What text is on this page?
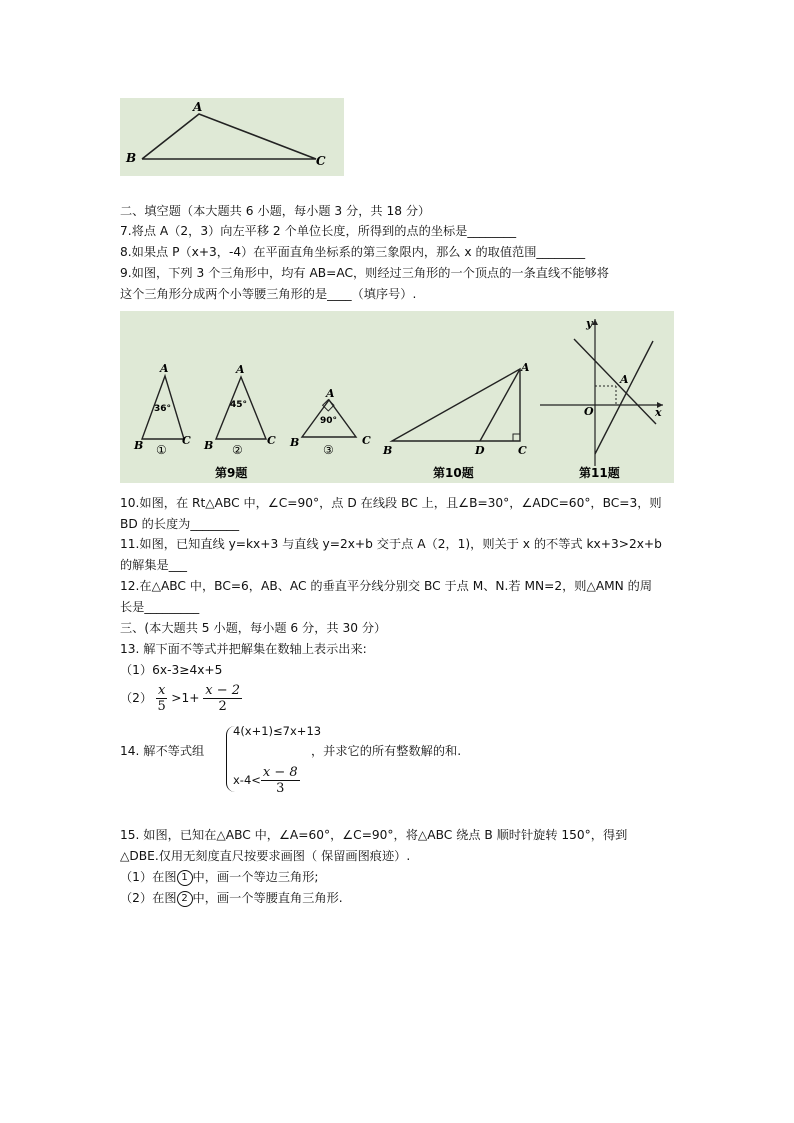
A
B	C
二、填空题（本大题共 6 小题，每小题 3 分，共 18 分）
7.将点 A（2，3）向左平移 2 个单位长度，所得到的点的坐标是________
8.如果点 P（x+3，-4）在平面直角坐标系的第三象限内，那么 x 的取值范围________
9.如图，下列 3 个三角形中，均有 AB=AC，则经过三角形的一个顶点的一条直线不能够将
这个三角形分成两个小等腰三角形的是____（填序号）.
A
B	C
36°
①
A
B	C
45°
②
A
B	C
90°
③
第9题
A
B	C
D
第10题
y
x
O
A
第11题
10.如图，在 Rt△ABC 中，∠C=90°，点 D 在线段 BC 上，且∠B=30°，∠ADC=60°，BC=3，则
BD 的长度为________
11.如图，已知直线 y=kx+3 与直线 y=2x+b 交于点 A（2，1)，则关于 x 的不等式 kx+3>2x+b
的解集是___
12.在△ABC 中，BC=6，AB、AC 的垂直平分线分别交 BC 于点 M、N.若 MN=2，则△AMN 的周
长是_________
三、(本大题共 5 小题，每小题 6 分，共 30 分）
13. 解下面不等式并把解集在数轴上表示出来:
（1）6x-3≥4x+5
$(2) \frac{x}{5} >1+ \frac{x - 2}{2}$
14. 解不等式组
4(x+1)≤7x+13
$x-4< \frac{x - 8}{3}$
，并求它的所有整数解的和.
15. 如图，已知在△ABC 中，∠A=60°，∠C=90°，将△ABC 绕点 B 顺时针旋转 150°，得到
△DBE.仅用无刻度直尺按要求画图（ 保留画图痕迹）.
（1）在图 1 中，画一个等边三角形;
（2）在图 2 中，画一个等腰直角三角形.
